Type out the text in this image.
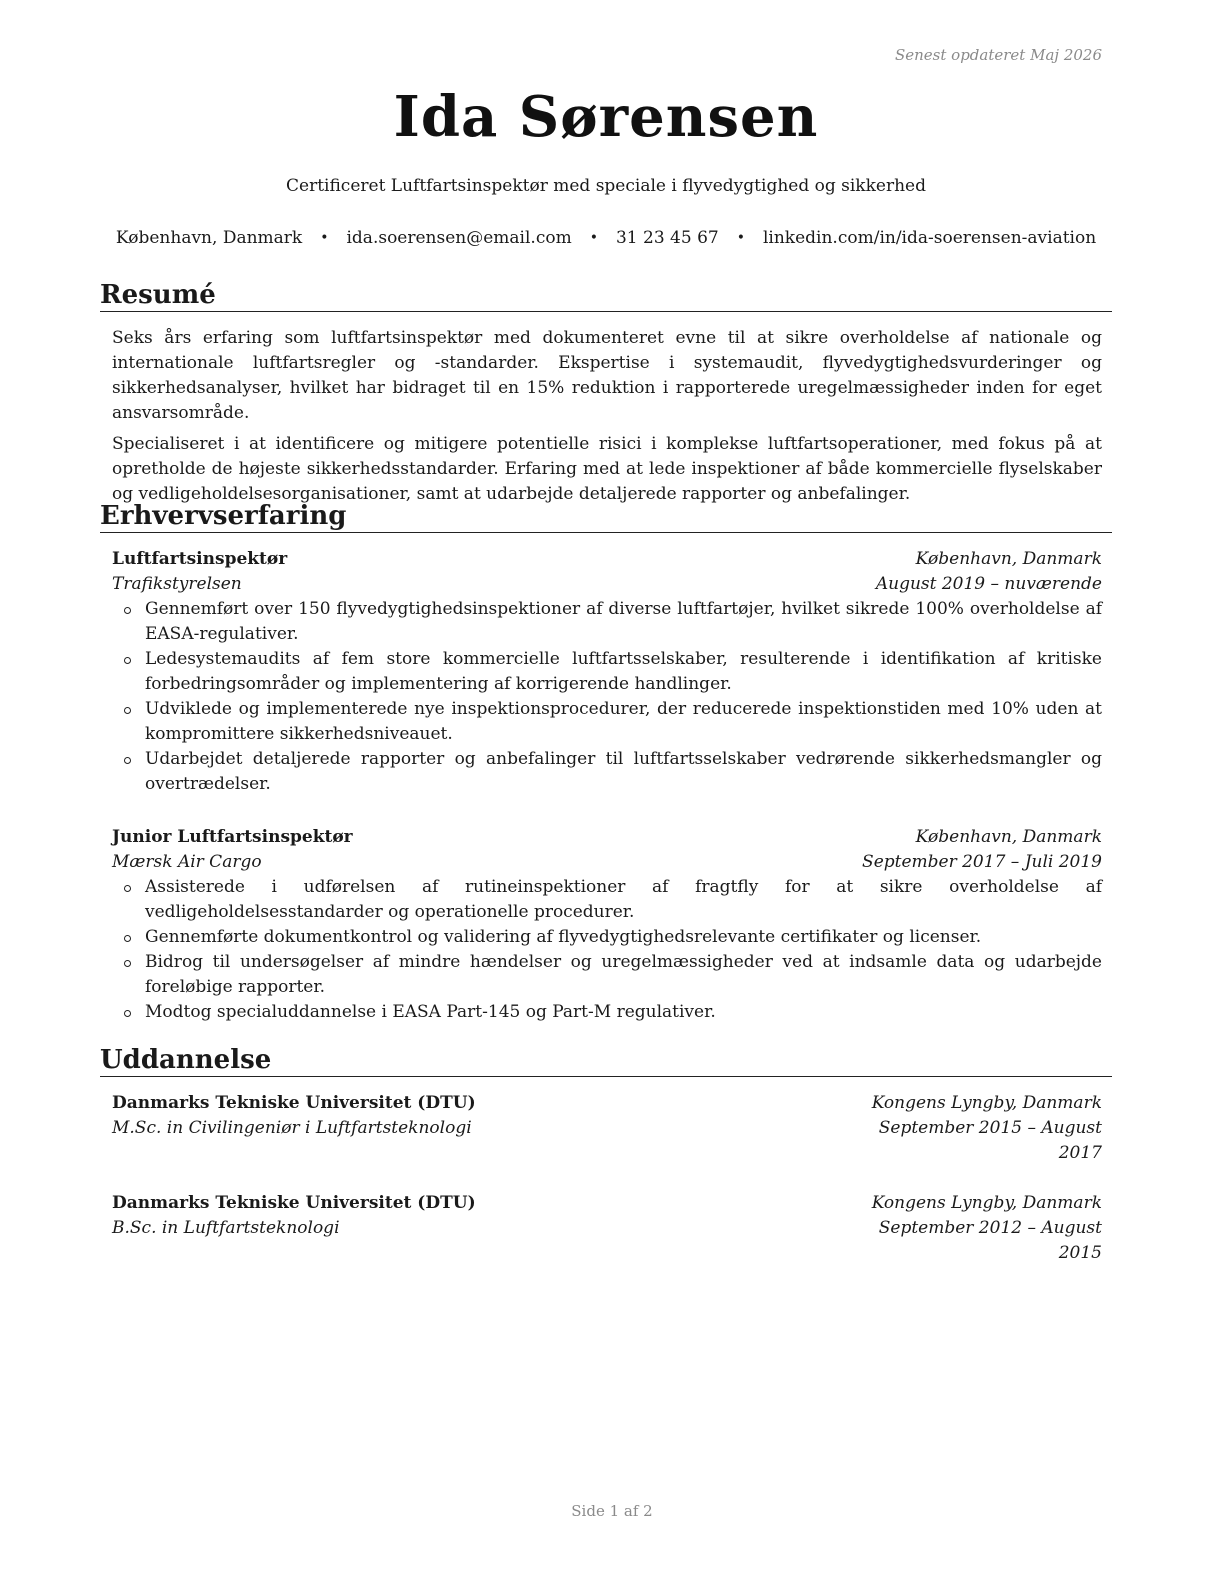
Senest opdateret Maj 2026
Ida Sørensen
Certificeret Luftfartsinspektør med speciale i flyvedygtighed og sikkerhed
København, Danmark • ida.soerensen@email.com • 31 23 45 67 • linkedin.com/in/ida-soerensen-aviation
Resumé

Seks års erfaring som luftfartsinspektør med dokumenteret evne til at sikre overholdelse af nationale og internationale luftfartsregler og -standarder. Ekspertise i systemaudit, flyvedygtighedsvurderinger og sikkerhedsanalyser, hvilket har bidraget til en 15% reduktion i rapporterede uregelmæssigheder inden for eget ansvarsområde.

Specialiseret i at identificere og mitigere potentielle risici i komplekse luftfartsoperationer, med fokus på at opretholde de højeste sikkerhedsstandarder. Erfaring med at lede inspektioner af både kommercielle flyselskaber og vedligeholdelsesorganisationer, samt at udarbejde detaljerede rapporter og anbefalinger.

Erhvervserfaring
Luftfartsinspektør	København, Danmark
Trafikstyrelsen	August 2019 – nuværende
Gennemført over 150 flyvedygtighedsinspektioner af diverse luftfartøjer, hvilket sikrede 100% overholdelse af EASA-regulativer.
Ledesystemaudits af fem store kommercielle luftfartsselskaber, resulterende i identifikation af kritiske forbedringsområder og implementering af korrigerende handlinger.
Udviklede og implementerede nye inspektionsprocedurer, der reducerede inspektionstiden med 10% uden at kompromittere sikkerhedsniveauet.
Udarbejdet detaljerede rapporter og anbefalinger til luftfartsselskaber vedrørende sikkerhedsmangler og overtrædelser.
Junior Luftfartsinspektør	København, Danmark
Mærsk Air Cargo	September 2017 – Juli 2019
Assisterede i udførelsen af rutineinspektioner af fragtfly for at sikre overholdelse af vedligeholdelsesstandarder og operationelle procedurer.
Gennemførte dokumentkontrol og validering af flyvedygtighedsrelevante certifikater og licenser.
Bidrog til undersøgelser af mindre hændelser og uregelmæssigheder ved at indsamle data og udarbejde foreløbige rapporter.
Modtog specialuddannelse i EASA Part-145 og Part-M regulativer.
Uddannelse
Danmarks Tekniske Universitet (DTU)	Kongens Lyngby, Danmark
M.Sc. in Civilingeniør i Luftfartsteknologi	September 2015 – August 2017
Danmarks Tekniske Universitet (DTU)	Kongens Lyngby, Danmark
B.Sc. in Luftfartsteknologi	September 2012 – August 2015
Side 1 af 2
